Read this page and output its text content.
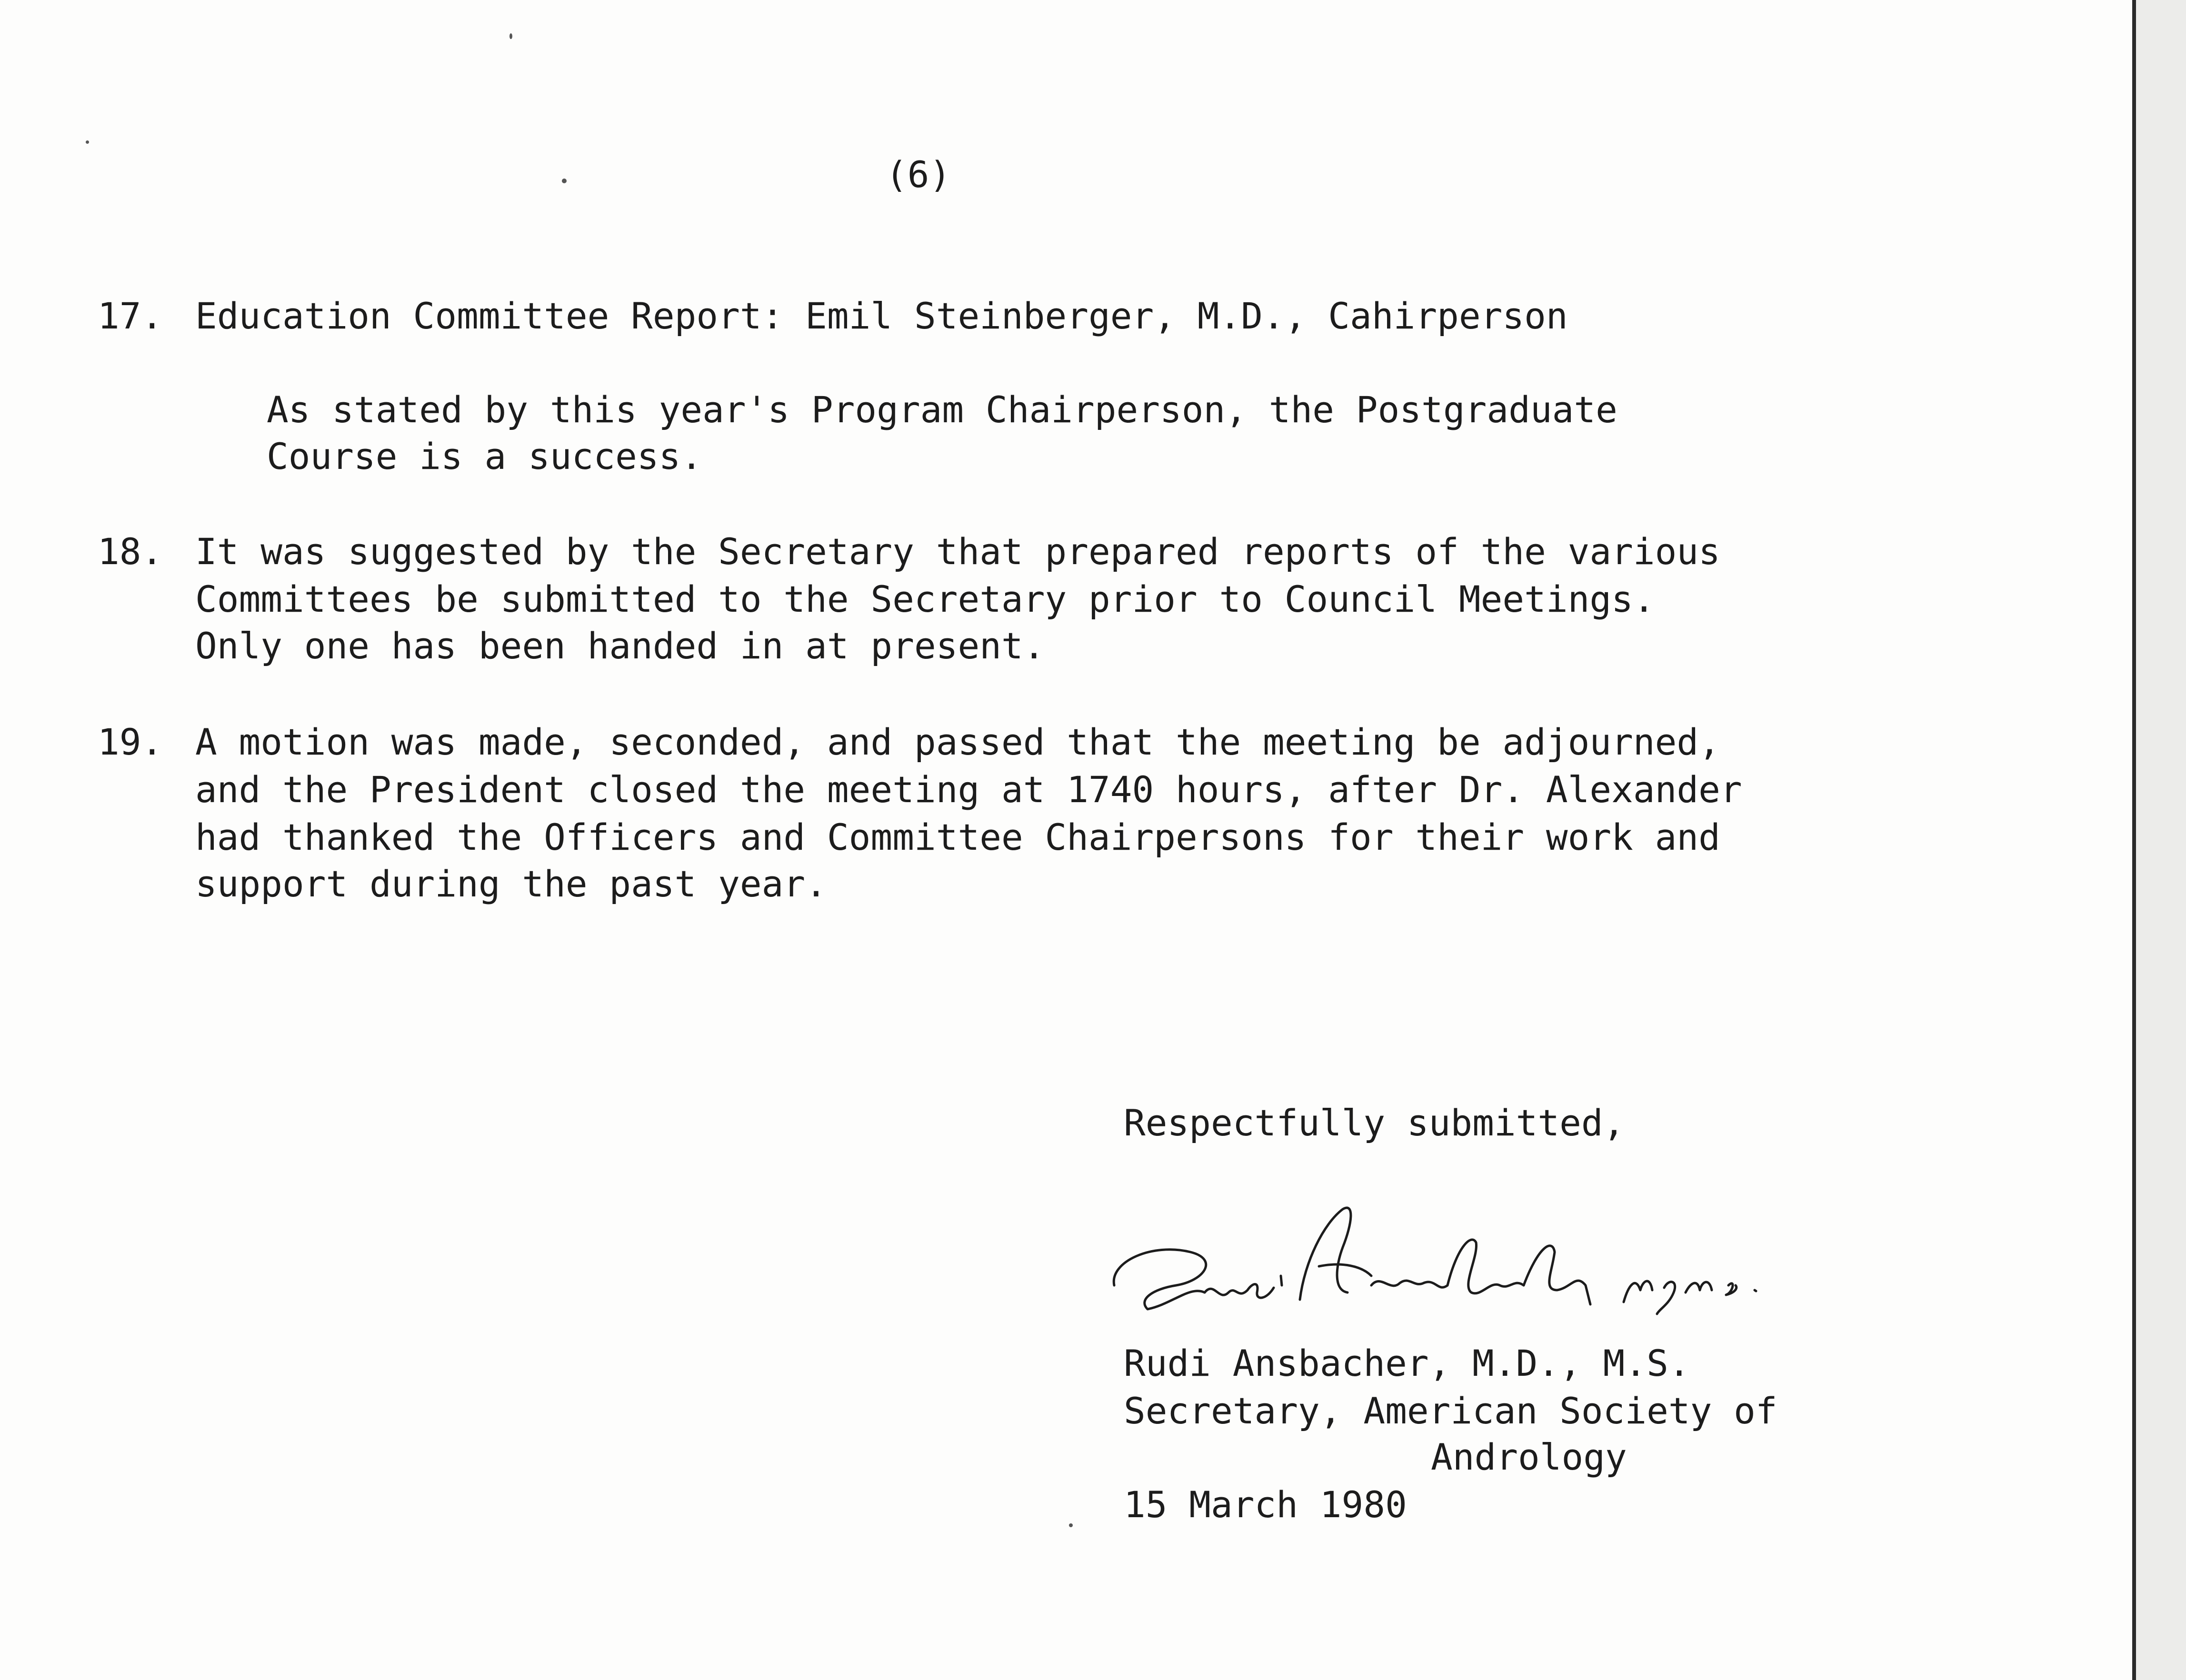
(6)

17. Education Committee Report: Emil Steinberger, M.D., Cahirperson

As stated by this year's Program Chairperson, the Postgraduate

Course is a success.

18. It was suggested by the Secretary that prepared reports of the various

Committees be submitted to the Secretary prior to Council Meetings.

Only one has been handed in at present.

19. A motion was made, seconded, and passed that the meeting be adjourned,

and the President closed the meeting at 1740 hours, after Dr. Alexander

had thanked the Officers and Committee Chairpersons for their work and

support during the past year.

Respectfully submitted,

Rudi Ansbacher, M.D., M.S.

Secretary, American Society of

Andrology

15 March 1980
